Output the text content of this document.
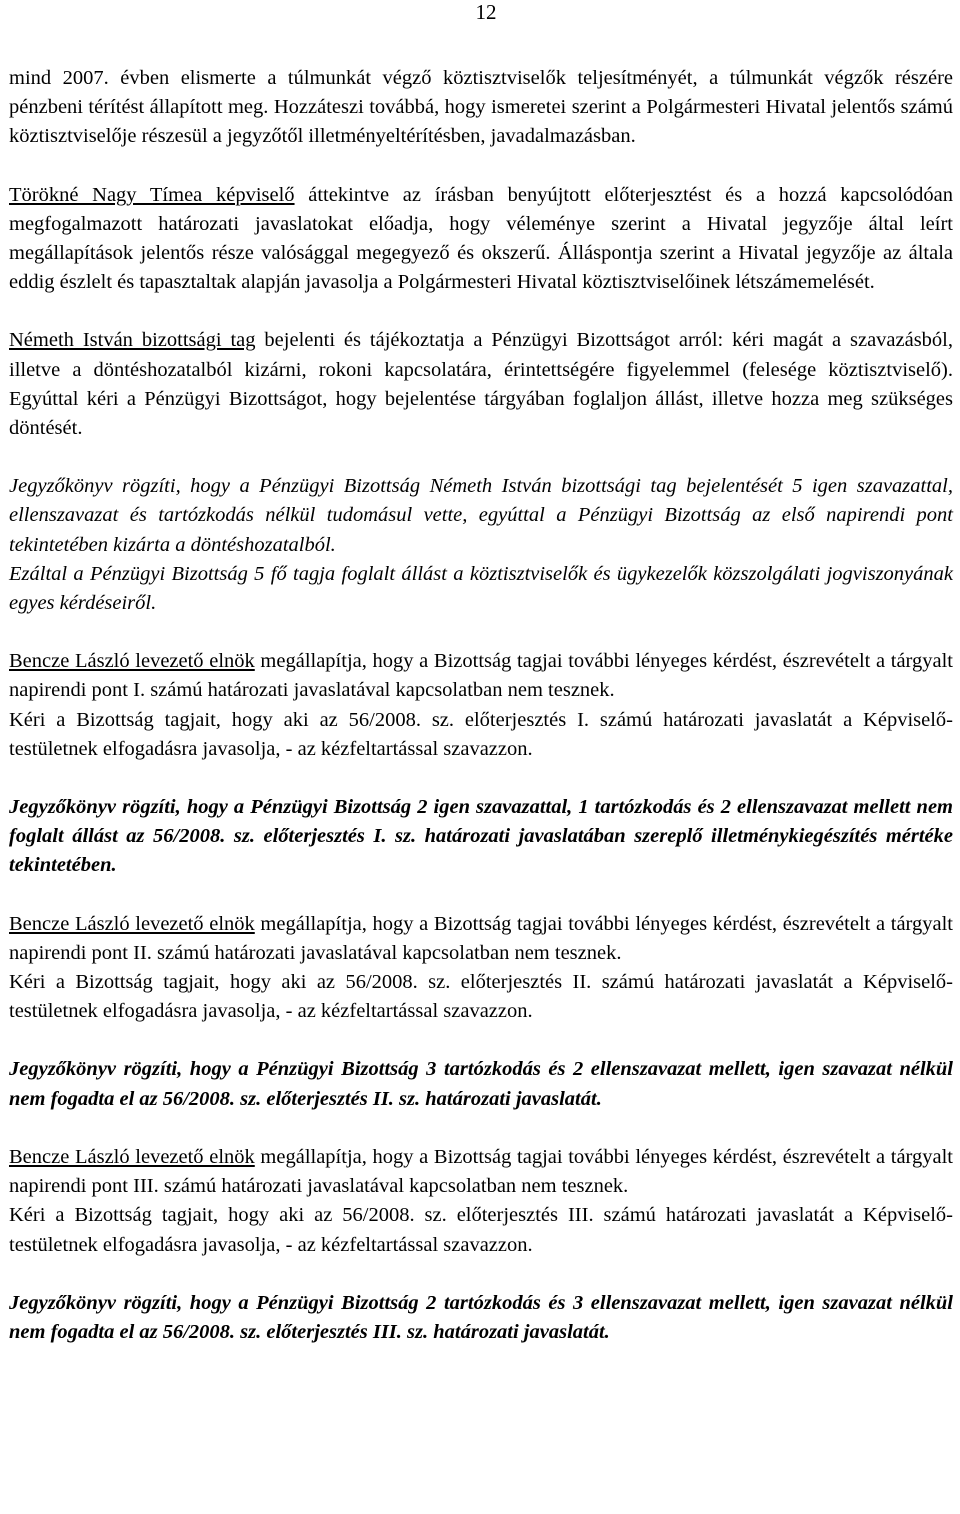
12

mind 2007. évben elismerte a túlmunkát végző köztisztviselők teljesítményét, a túlmunkát végzők részére pénzbeni térítést állapított meg. Hozzáteszi továbbá, hogy ismeretei szerint a Polgármesteri Hivatal jelentős számú köztisztviselője részesül a jegyzőtől illetményeltérítésben, javadalmazásban.

Törökné Nagy Tímea képviselő áttekintve az írásban benyújtott előterjesztést és a hozzá kapcsolódóan megfogalmazott határozati javaslatokat előadja, hogy véleménye szerint a Hivatal jegyzője által leírt megállapítások jelentős része valósággal megegyező és okszerű. Álláspontja szerint a Hivatal jegyzője az általa eddig észlelt és tapasztaltak alapján javasolja a Polgármesteri Hivatal köztisztviselőinek létszámemelését.

Németh István bizottsági tag bejelenti és tájékoztatja a Pénzügyi Bizottságot arról: kéri magát a szavazásból, illetve a döntéshozatalból kizárni, rokoni kapcsolatára, érintettségére figyelemmel (felesége köztisztviselő). Egyúttal kéri a Pénzügyi Bizottságot, hogy bejelentése tárgyában foglaljon állást, illetve hozza meg szükséges döntését.

Jegyzőkönyv rögzíti, hogy a Pénzügyi Bizottság Németh István bizottsági tag bejelentését 5 igen szavazattal, ellenszavazat és tartózkodás nélkül tudomásul vette, egyúttal a Pénzügyi Bizottság az első napirendi pont tekintetében kizárta a döntéshozatalból.

Ezáltal a Pénzügyi Bizottság 5 fő tagja foglalt állást a köztisztviselők és ügykezelők közszolgálati jogviszonyának egyes kérdéseiről.

Bencze László levezető elnök megállapítja, hogy a Bizottság tagjai további lényeges kérdést, észrevételt a tárgyalt napirendi pont I. számú határozati javaslatával kapcsolatban nem tesznek.

Kéri a Bizottság tagjait, hogy aki az 56/2008. sz. előterjesztés I. számú határozati javaslatát a Képviselő-testületnek elfogadásra javasolja, - az kézfeltartással szavazzon.

Jegyzőkönyv rögzíti, hogy a Pénzügyi Bizottság 2 igen szavazattal, 1 tartózkodás és 2 ellenszavazat mellett nem foglalt állást az 56/2008. sz. előterjesztés I. sz. határozati javaslatában szereplő illetménykiegészítés mértéke tekintetében.

Bencze László levezető elnök megállapítja, hogy a Bizottság tagjai további lényeges kérdést, észrevételt a tárgyalt napirendi pont II. számú határozati javaslatával kapcsolatban nem tesznek.

Kéri a Bizottság tagjait, hogy aki az 56/2008. sz. előterjesztés II. számú határozati javaslatát a Képviselő-testületnek elfogadásra javasolja, - az kézfeltartással szavazzon.

Jegyzőkönyv rögzíti, hogy a Pénzügyi Bizottság 3 tartózkodás és 2 ellenszavazat mellett, igen szavazat nélkül nem fogadta el az 56/2008. sz. előterjesztés II. sz. határozati javaslatát.

Bencze László levezető elnök megállapítja, hogy a Bizottság tagjai további lényeges kérdést, észrevételt a tárgyalt napirendi pont III. számú határozati javaslatával kapcsolatban nem tesznek.

Kéri a Bizottság tagjait, hogy aki az 56/2008. sz. előterjesztés III. számú határozati javaslatát a Képviselő-testületnek elfogadásra javasolja, - az kézfeltartással szavazzon.

Jegyzőkönyv rögzíti, hogy a Pénzügyi Bizottság 2 tartózkodás és 3 ellenszavazat mellett, igen szavazat nélkül nem fogadta el az 56/2008. sz. előterjesztés III. sz. határozati javaslatát.
